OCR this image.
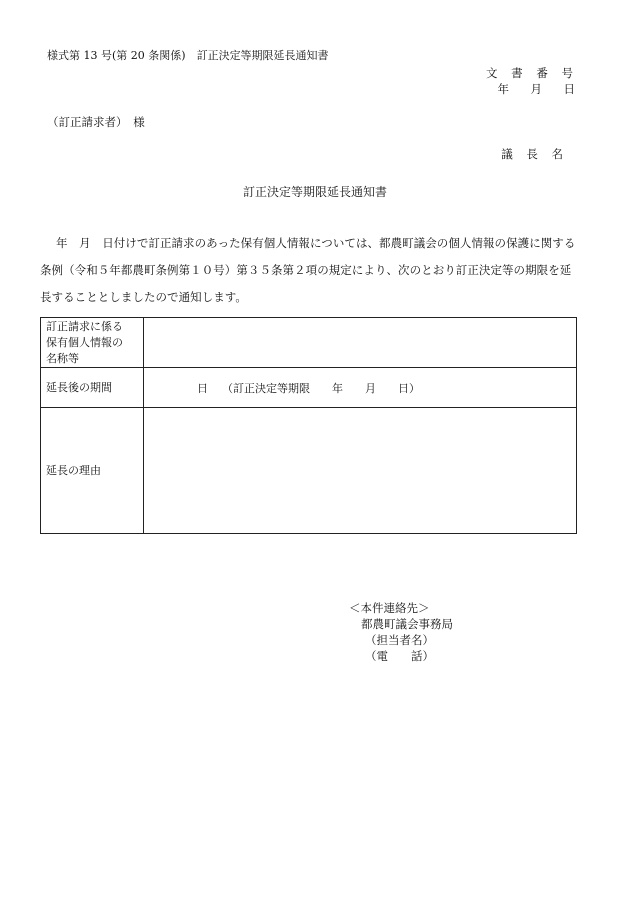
様式第 13 号(第 20 条関係)　訂正決定等期限延長通知書
文 書 番 号
年　月　日
（訂正請求者）　様
議 長 名
訂正決定等期限延長通知書
年　月　日付けで訂正請求のあった保有個人情報については、都農町議会の個人情報の保護に関する条例（令和５年都農町条例第１０号）第３５条第２項の規定により、次のとおり訂正決定等の期限を延長することとしましたので通知します。
訂正請求に係る
保有個人情報の
名称等	

延長後の期間	日 （訂正決定等期限　　年　　月　　日）
延長の理由	
＜本件連絡先＞
都農町議会事務局
（担当者名）
（電　　話）
